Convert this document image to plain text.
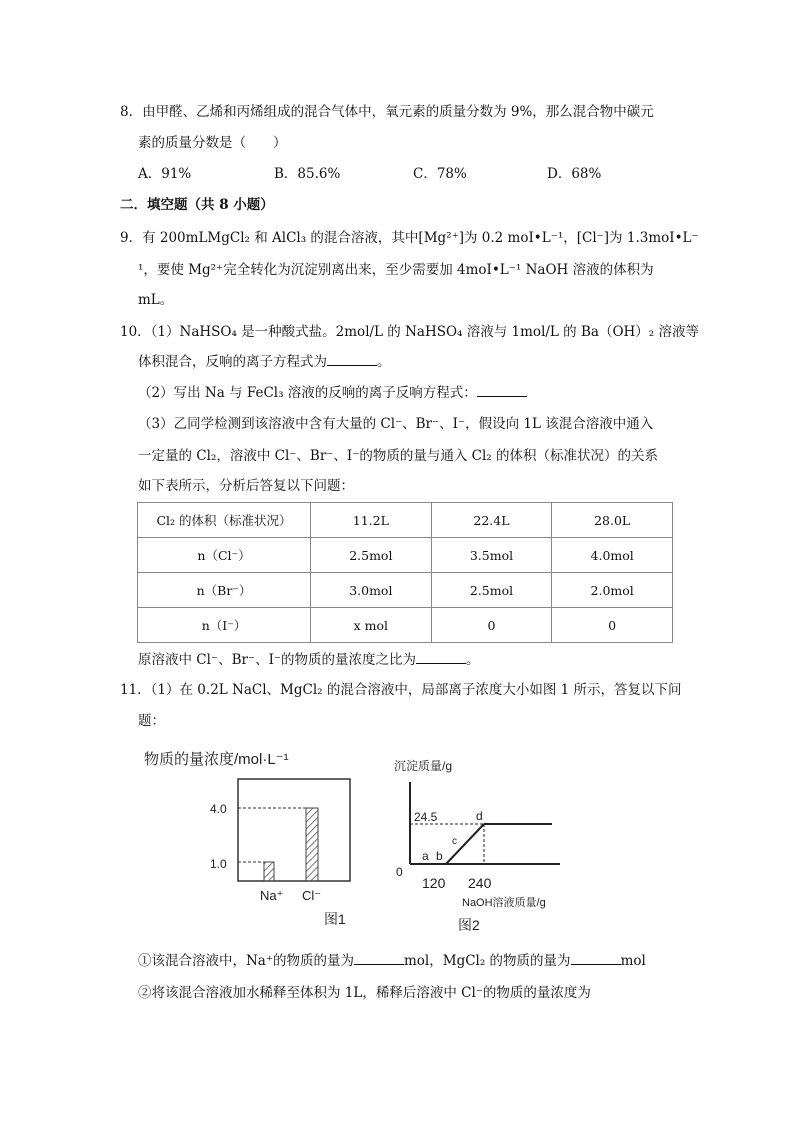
8．由甲醛、乙烯和丙烯组成的混合气体中，氧元素的质量分数为 9%，那么混合物中碳元
素的质量分数是（　　）
A．91%	B．85.6%	C．78%	D．68%
二．填空题（共 8 小题）
9．有 200mLMgCl₂ 和 AlCl₃ 的混合溶液，其中[Mg²⁺]为 0.2 moI•L⁻¹，[Cl⁻]为 1.3moI•L⁻
¹，要使 Mg²⁺完全转化为沉淀别离出来，至少需要加 4moI•L⁻¹ NaOH 溶液的体积为
mL。
10．（1）NaHSO₄ 是一种酸式盐。2mol/L 的 NaHSO₄ 溶液与 1mol/L 的 Ba（OH）₂ 溶液等
体积混合，反响的离子方程式为	。
（2）写出 Na 与 FeCl₃ 溶液的反响的离子反响方程式：
（3）乙同学检测到该溶液中含有大量的 Cl⁻、Br⁻、I⁻，假设向 1L 该混合溶液中通入
一定量的 Cl₂，溶液中 Cl⁻、Br⁻、I⁻的物质的量与通入 Cl₂ 的体积（标准状况）的关系
如下表所示，分析后答复以下问题：
Cl₂ 的体积（标准状况）	11.2L	22.4L	28.0L
n（Cl⁻）	2.5mol	3.5mol	4.0mol
n（Br⁻）	3.0mol	2.5mol	2.0mol
n（I⁻）	x mol	0	0
原溶液中 Cl⁻、Br⁻、I⁻的物质的量浓度之比为	。
11．（1）在 0.2L NaCl、MgCl₂ 的混合溶液中，局部离子浓度大小如图 1 所示，答复以下问
题：
物质的量浓度/mol·L⁻¹
4.0
1.0
Na⁺ Cl⁻
图1
沉淀质量/g
0
24.5
a b
c
d
120 240
NaOH溶液质量/g
图2
①该混合溶液中，Na⁺的物质的量为	mol，MgCl₂ 的物质的量为	mol
②将该混合溶液加水稀释至体积为 1L，稀释后溶液中 Cl⁻的物质的量浓度为
